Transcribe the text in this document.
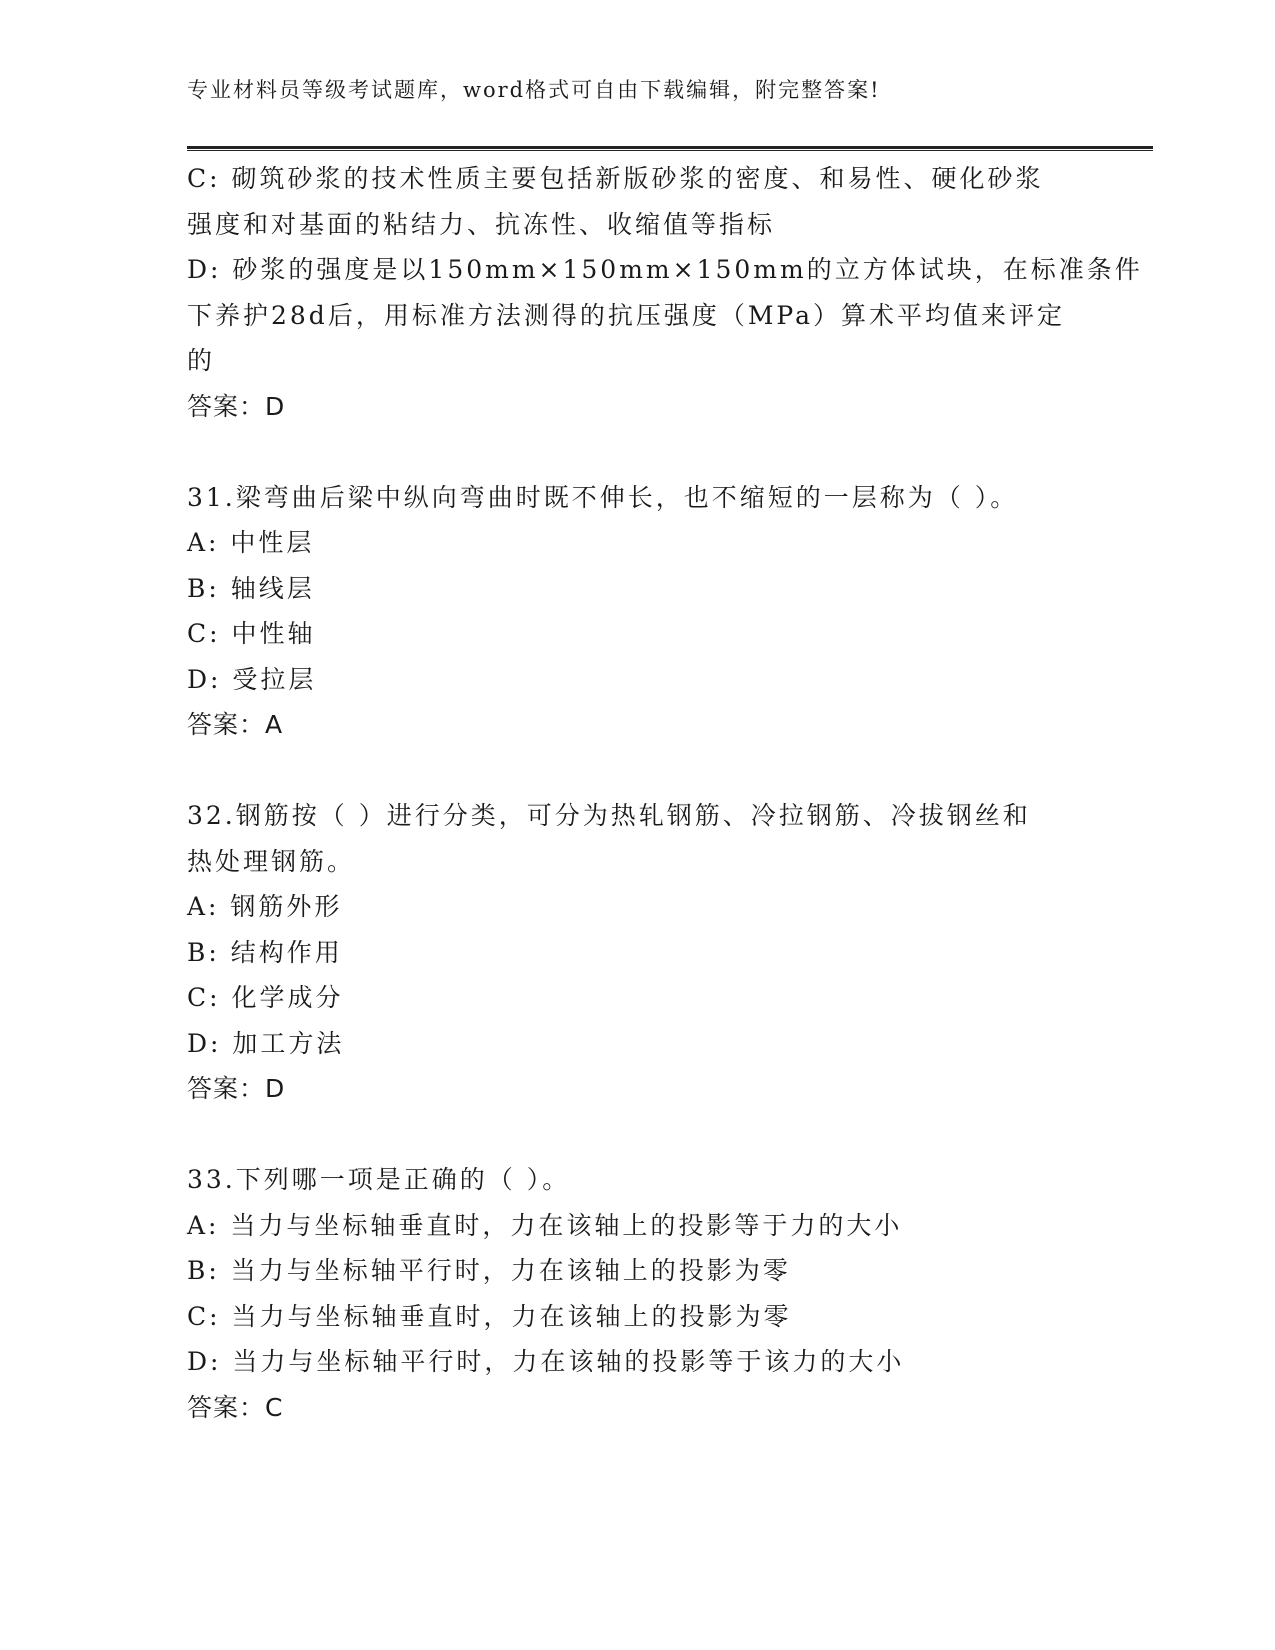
专业材料员等级考试题库，word格式可自由下载编辑，附完整答案!
C: 砌筑砂浆的技术性质主要包括新版砂浆的密度、和易性、硬化砂浆
强度和对基面的粘结力、抗冻性、收缩值等指标
D: 砂浆的强度是以150mm×150mm×150mm的立方体试块，在标准条件
下养护28d后，用标准方法测得的抗压强度（MPa）算术平均值来评定
的
答案：D
31.梁弯曲后梁中纵向弯曲时既不伸长，也不缩短的一层称为（ ）。
A: 中性层
B: 轴线层
C: 中性轴
D: 受拉层
答案：A
32.钢筋按（ ）进行分类，可分为热轧钢筋、冷拉钢筋、冷拔钢丝和
热处理钢筋。
A: 钢筋外形
B: 结构作用
C: 化学成分
D: 加工方法
答案：D
33.下列哪一项是正确的（ ）。
A: 当力与坐标轴垂直时，力在该轴上的投影等于力的大小
B: 当力与坐标轴平行时，力在该轴上的投影为零
C: 当力与坐标轴垂直时，力在该轴上的投影为零
D: 当力与坐标轴平行时，力在该轴的投影等于该力的大小
答案：C
